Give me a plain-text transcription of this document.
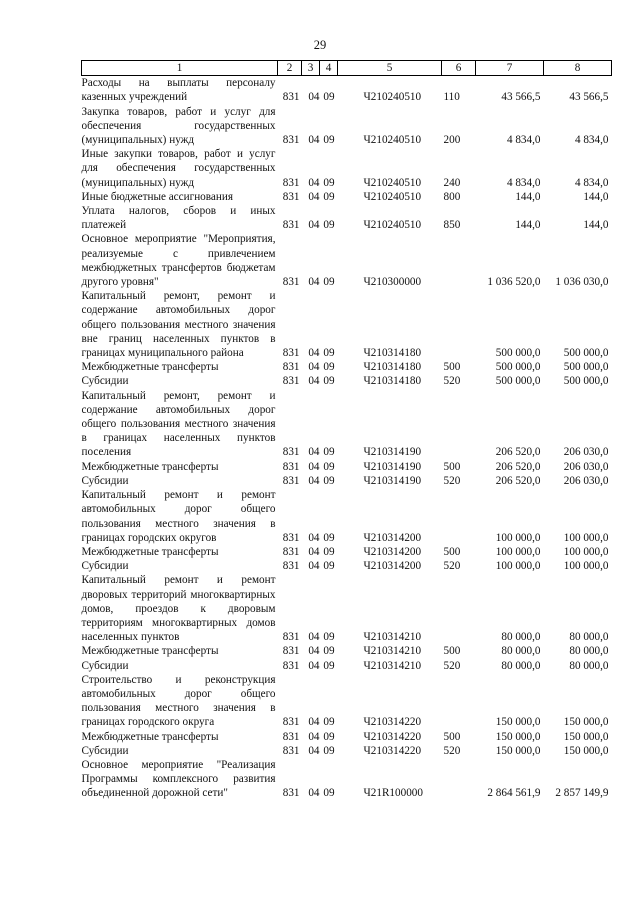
29
1	2	3	4	5	6	7	8
Расходы на выплаты персоналу казенных учреждений	831	04	09	Ч210240510	110	43 566,5	43 566,5
Закупка товаров, работ и услуг для обеспечения государственных (муниципальных) нужд	831	04	09	Ч210240510	200	4 834,0	4 834,0
Иные закупки товаров, работ и услуг для обеспечения государственных (муниципальных) нужд	831	04	09	Ч210240510	240	4 834,0	4 834,0
Иные бюджетные ассигнования	831	04	09	Ч210240510	800	144,0	144,0
Уплата налогов, сборов и иных платежей	831	04	09	Ч210240510	850	144,0	144,0
Основное мероприятие "Мероприятия, реализуемые с привлечением межбюджетных трансфертов бюджетам другого уровня"	831	04	09	Ч210300000		1 036 520,0	1 036 030,0
Капитальный ремонт, ремонт и содержание автомобильных дорог общего пользования местного значения вне границ населенных пунктов в границах муниципального района	831	04	09	Ч210314180		500 000,0	500 000,0
Межбюджетные трансферты	831	04	09	Ч210314180	500	500 000,0	500 000,0
Субсидии	831	04	09	Ч210314180	520	500 000,0	500 000,0
Капитальный ремонт, ремонт и содержание автомобильных дорог общего пользования местного значения в границах населенных пунктов поселения	831	04	09	Ч210314190		206 520,0	206 030,0
Межбюджетные трансферты	831	04	09	Ч210314190	500	206 520,0	206 030,0
Субсидии	831	04	09	Ч210314190	520	206 520,0	206 030,0
Капитальный ремонт и ремонт автомобильных дорог общего пользования местного значения в границах городских округов	831	04	09	Ч210314200		100 000,0	100 000,0
Межбюджетные трансферты	831	04	09	Ч210314200	500	100 000,0	100 000,0
Субсидии	831	04	09	Ч210314200	520	100 000,0	100 000,0
Капитальный ремонт и ремонт дворовых территорий многоквартирных домов, проездов к дворовым территориям многоквартирных домов населенных пунктов	831	04	09	Ч210314210		80 000,0	80 000,0
Межбюджетные трансферты	831	04	09	Ч210314210	500	80 000,0	80 000,0
Субсидии	831	04	09	Ч210314210	520	80 000,0	80 000,0
Строительство и реконструкция автомобильных дорог общего пользования местного значения в границах городского округа	831	04	09	Ч210314220		150 000,0	150 000,0
Межбюджетные трансферты	831	04	09	Ч210314220	500	150 000,0	150 000,0
Субсидии	831	04	09	Ч210314220	520	150 000,0	150 000,0
Основное мероприятие "Реализация Программы комплексного развития объединенной дорожной сети"	831	04	09	Ч21R100000		2 864 561,9	2 857 149,9
